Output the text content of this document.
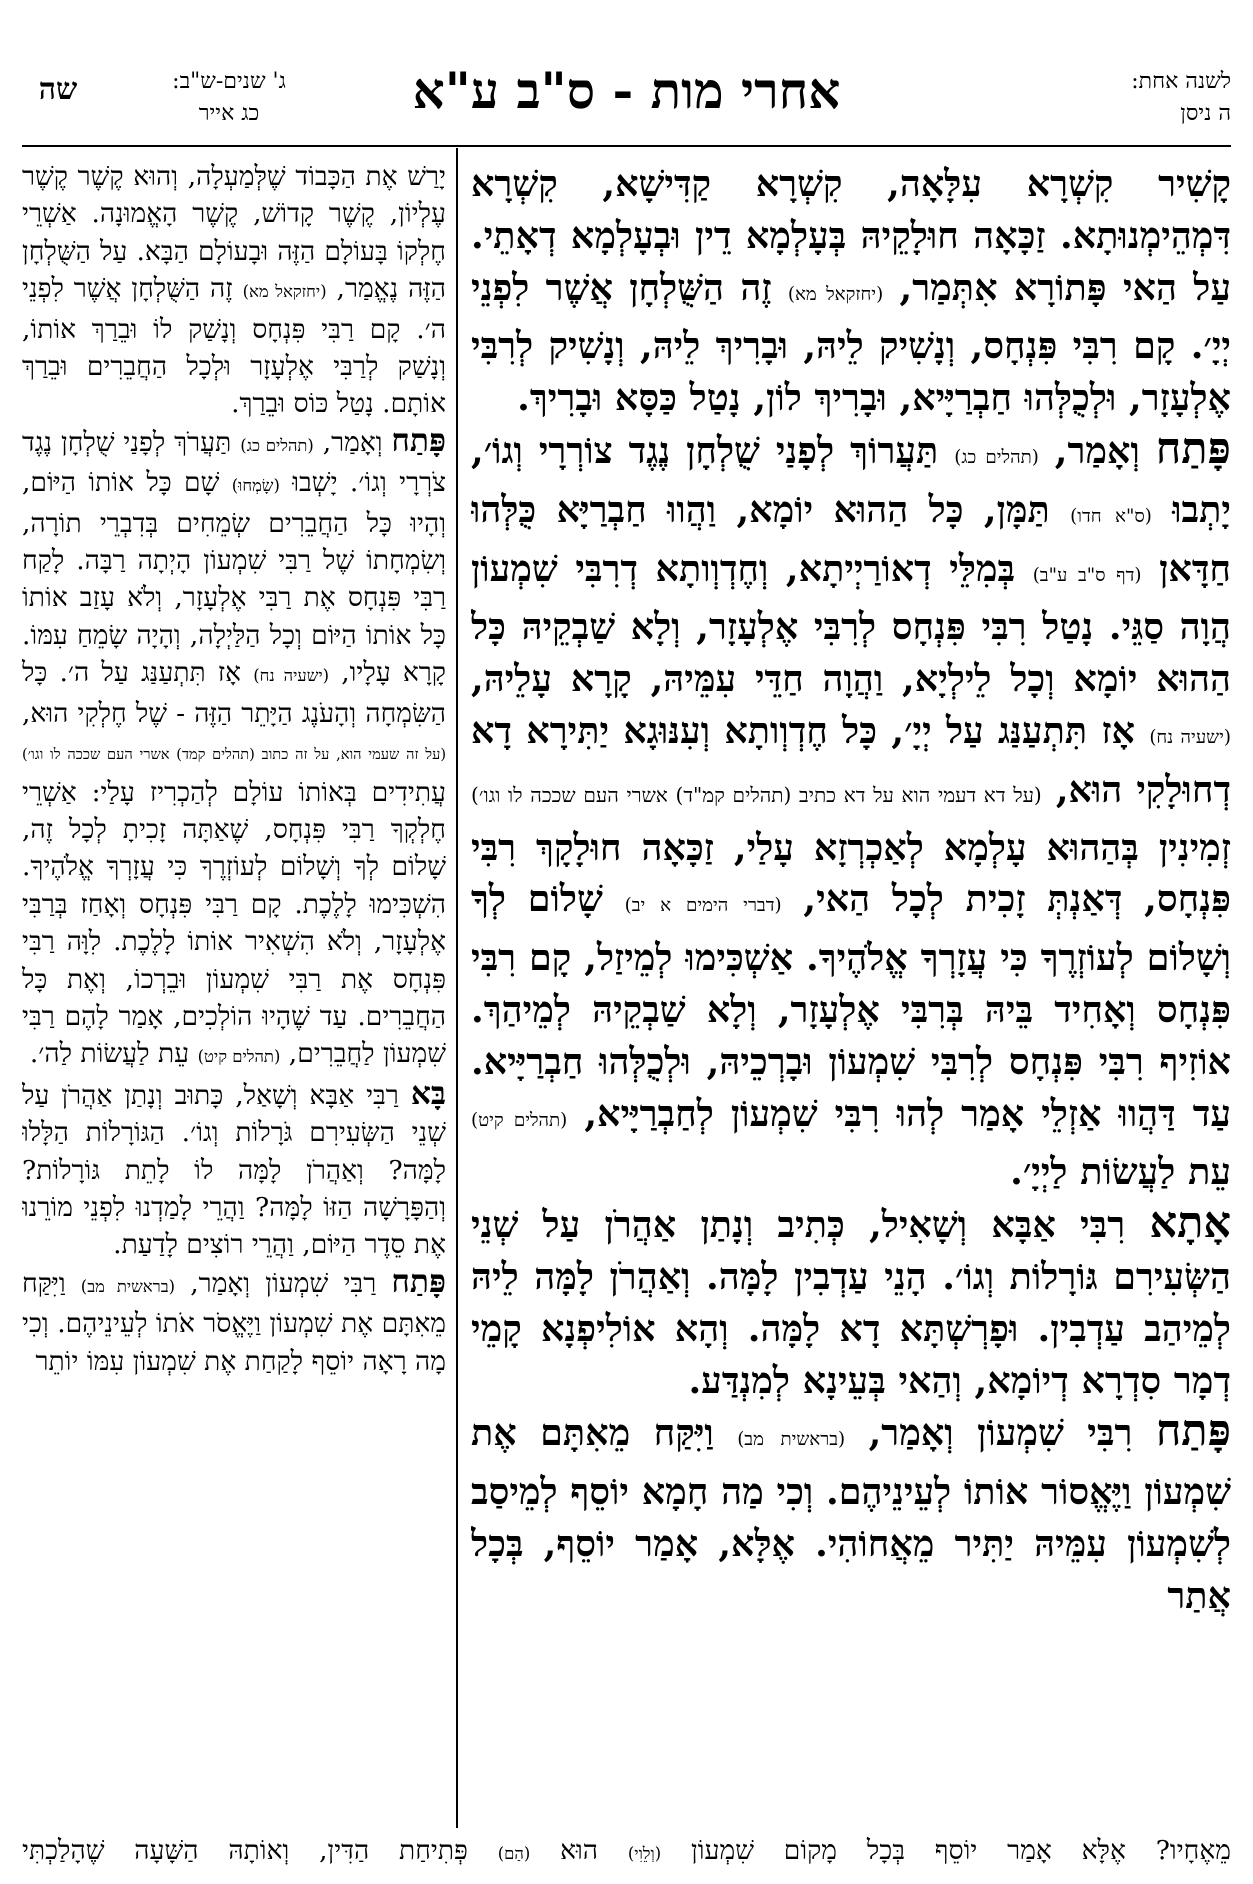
לשנה אחת:
ה ניסן
אחרי מות - ס"ב ע"א
ג' שנים-ש"ב:
כג אייר
שה

קָשִׁיר קִשְׁרָא עִלָּאָה, קִשְׁרָא קַדִּישָׁא, קִשְׁרָא דִּמְהֵימְנוּתָא. זַכָּאָה חוּלָקֵיהּ בְּעָלְמָא דֵין וּבְעָלְמָא דְאָתֵי. עַל הַאי פָּתוֹרָא אִתְּמַר, (יחזקאל מא) זֶה הַשֻּׁלְחָן אֲשֶׁר לִפְנֵי יְיָ׳. קָם רִבִּי פִּנְחָס, וְנָשִׁיק לֵיהּ, וּבָרִיךְ לֵיהּ, וְנָשִׁיק לְרִבִּי אֶלְעָזָר, וּלְכֻלְּהוּ חַבְרַיָּיא, וּבָרִיךְ לוֹן, נָטַל כַּסָּא וּבָרִיךְ.

פָּתַח וְאָמַר, (תהלים כג) תַּעֲרוֹךְ לְפָנַי שֻׁלְחָן נֶגֶד צוֹרְרָי וְגוֹ׳, יָתְבוּ (ס"א חדו) תַּמָּן, כָּל הַהוּא יוֹמָא, וַהֲווּ חַבְרַיָּא כֻּלְּהוּ חַדָּאן (דף ס"ב ע"ב) בְּמִלֵּי דְאוֹרַיְיתָא, וְחֶדְוְותָא דְרִבִּי שִׁמְעוֹן הֲוָה סַגֵּי. נָטַל רִבִּי פִּנְחָס לְרִבִּי אֶלְעָזָר, וְלָא שַׁבְקֵיהּ כָּל הַהוּא יוֹמָא וְכָל לֵילְיָא, וַהֲוָה חַדֵּי עִמֵּיהּ, קָרָא עָלֵיהּ, (ישעיה נח) אָז תִּתְעַנַּג עַל יְיָ׳, כָּל חֶדְוְותָא וְעִנּוּגָא יַתִּירָא דָא דְחוּלָקִי הוּא, (על דא דעמי הוא על דא כתיב (תהלים קמ"ד) אשרי העם שככה לו וגו׳) זְמִינִין בְּהַהוּא עָלְמָא לְאַכְרְזָא עָלַי, זַכָּאָה חוּלָקָךְ רִבִּי פִּנְחָס, דְּאַנְתְּ זָכִית לְכָל הַאי, (דברי הימים א יב) שָׁלוֹם לְךָ וְשָׁלוֹם לְעוֹזְרֶךָ כִּי עֲזָרְךָ אֱלֹהֶיךָ. אַשְׁכִּימוּ לְמֵיזַל, קָם רִבִּי פִּנְחָס וְאָחִיד בֵּיהּ בְּרִבִּי אֶלְעָזָר, וְלָא שַׁבְקֵיהּ לְמֵיהַךְ. אוֹזִיף רִבִּי פִּנְחָס לְרִבִּי שִׁמְעוֹן וּבָרְכֵיהּ, וּלְכֻלְּהוּ חַבְרַיָּיא. עַד דַּהֲווּ אַזְלֵי אָמַר לְהוּ רִבִּי שִׁמְעוֹן לְחַבְרַיָּיא, (תהלים קיט) עֵת לַעֲשׂוֹת לַיְיָ׳.

אָתָא רִבִּי אַבָּא וְשָׁאִיל, כְּתִיב וְנָתַן אַהֲרֹן עַל שְׁנֵי הַשְּׂעִירִם גּוֹרָלוֹת וְגוֹ׳. הָנֵי עַדְבִין לָמָּה. וְאַהֲרֹן לָמָּה לֵיהּ לְמֵיהַב עַדְבִין. וּפָרְשְׁתָּא דָא לָמָּה. וְהָא אוֹלִיפְנָא קָמֵי דְמָר סִדְרָא דְיוֹמָא, וְהַאי בְּעֵינָא לְמִנְדַּע.

פָּתַח רִבִּי שִׁמְעוֹן וְאָמַר, (בראשית מב) וַיִּקַּח מֵאִתָּם אֶת שִׁמְעוֹן וַיֶּאֱסוֹר אוֹתוֹ לְעֵינֵיהֶם. וְכִי מַה חָמָא יוֹסֵף לְמֵיסַב לְשִׁמְעוֹן עִמֵּיהּ יַתִּיר מֵאֲחוֹהִי. אֶלָּא, אָמַר יוֹסֵף, בְּכָל אֲתַר

יָרַשׁ אֶת הַכָּבוֹד שֶׁלְּמַעְלָה, וְהוּא קֶשֶׁר קֶשֶׁר עֶלְיוֹן, קֶשֶׁר קָדוֹשׁ, קֶשֶׁר הָאֱמוּנָה. אַשְׁרֵי חֶלְקוֹ בָּעוֹלָם הַזֶּה וּבָעוֹלָם הַבָּא. עַל הַשֻּׁלְחָן הַזֶּה נֶאֱמַר, (יחזקאל מא) זֶה הַשֻּׁלְחָן אֲשֶׁר לִפְנֵי ה׳. קָם רַבִּי פִּנְחָס וְנָשַׁק לוֹ וּבֵרַךְ אוֹתוֹ, וְנָשַׁק לְרַבִּי אֶלְעָזָר וּלְכָל הַחֲבֵרִים וּבֵרַךְ אוֹתָם. נָטַל כּוֹס וּבֵרַךְ.

פָּתַח וְאָמַר, (תהלים כג) תַּעֲרֹךְ לְפָנַי שֻׁלְחָן נֶגֶד צֹרְרָי וְגוֹ׳. יָשְׁבוּ (שָׂמְחוּ) שָׁם כָּל אוֹתוֹ הַיּוֹם, וְהָיוּ כָּל הַחֲבֵרִים שְׂמֵחִים בְּדִבְרֵי תוֹרָה, וְשִׂמְחָתוֹ שֶׁל רַבִּי שִׁמְעוֹן הָיְתָה רַבָּה. לָקַח רַבִּי פִּנְחָס אֶת רַבִּי אֶלְעָזָר, וְלֹא עָזַב אוֹתוֹ כָּל אוֹתוֹ הַיּוֹם וְכָל הַלַּיְלָה, וְהָיָה שָׂמֵחַ עִמּוֹ. קָרָא עָלָיו, (ישעיה נח) אָז תִּתְעַנַּג עַל ה׳. כָּל הַשִּׂמְחָה וְהָעֹנֶג הַיָּתֵר הַזֶּה - שֶׁל חֶלְקִי הוּא, (על זה שעמי הוא, על זה כתוב (תהלים קמד) אשרי העם שככה לו וגו׳) עֲתִידִים בְּאוֹתוֹ עוֹלָם לְהַכְרִיז עָלַי: אַשְׁרֵי חֶלְקְךָ רַבִּי פִּנְחָס, שֶׁאַתָּה זָכִיתָ לְכָל זֶה, שָׁלוֹם לְךָ וְשָׁלוֹם לְעוֹזְרֶךָ כִּי עֲזָרְךָ אֱלֹהֶיךָ. הִשְׁכִּימוּ לָלֶכֶת. קָם רַבִּי פִּנְחָס וְאָחַז בְּרַבִּי אֶלְעָזָר, וְלֹא הִשְׁאִיר אוֹתוֹ לָלֶכֶת. לִוָּה רַבִּי פִּנְחָס אֶת רַבִּי שִׁמְעוֹן וּבֵרְכוֹ, וְאֶת כָּל הַחֲבֵרִים. עַד שֶׁהָיוּ הוֹלְכִים, אָמַר לָהֶם רַבִּי שִׁמְעוֹן לַחֲבֵרִים, (תהלים קיט) עֵת לַעֲשׂוֹת לַה׳.

בָּא רַבִּי אַבָּא וְשָׁאַל, כָּתוּב וְנָתַן אַהֲרֹן עַל שְׁנֵי הַשְּׂעִירִם גֹּרָלוֹת וְגוֹ׳. הַגּוֹרָלוֹת הַלָּלוּ לָמָּה? וְאַהֲרֹן לָמָּה לוֹ לָתֵת גּוֹרָלוֹת? וְהַפָּרָשָׁה הַזּוֹ לָמָּה? וַהֲרֵי לָמַדְנוּ לִפְנֵי מוֹרֵנוּ אֶת סֵדֶר הַיּוֹם, וַהֲרֵי רוֹצִים לָדַעַת.

פָּתַח רַבִּי שִׁמְעוֹן וְאָמַר, (בראשית מב) וַיִּקַּח מֵאִתָּם אֶת שִׁמְעוֹן וַיֶּאֱסֹר אֹתוֹ לְעֵינֵיהֶם. וְכִי מָה רָאָה יוֹסֵף לָקַחַת אֶת שִׁמְעוֹן עִמּוֹ יוֹתֵר

מֵאֶחָיו? אֶלָּא אָמַר יוֹסֵף בְּכָל מָקוֹם שִׁמְעוֹן (וְלֵוִי) הוּא (הַם) פְּתִיחַת הַדִּין, וְאוֹתָהּ הַשָּׁעָה שֶׁהָלַכְתִּי
